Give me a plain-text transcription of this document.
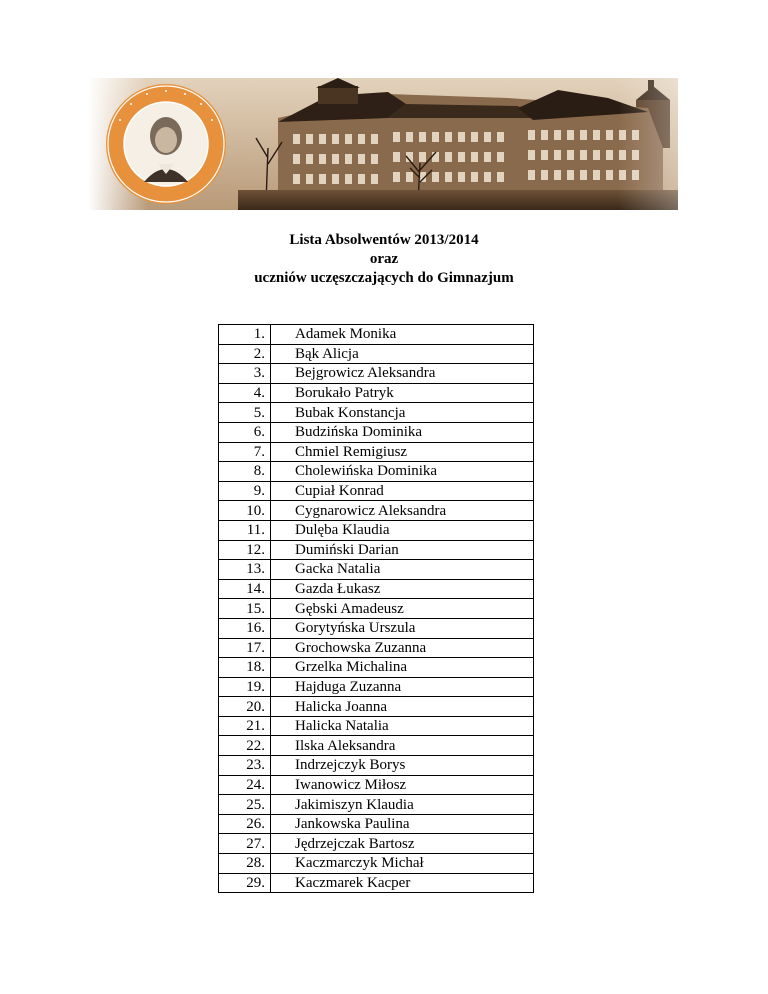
Lista Absolwentów 2013/2014
oraz
uczniów uczęszczających do Gimnazjum
1.	Adamek Monika
2.	Bąk Alicja
3.	Bejgrowicz Aleksandra
4.	Borukało Patryk
5.	Bubak Konstancja
6.	Budzińska Dominika
7.	Chmiel Remigiusz
8.	Cholewińska Dominika
9.	Cupiał Konrad
10.	Cygnarowicz Aleksandra
11.	Dulęba Klaudia
12.	Dumiński Darian
13.	Gacka Natalia
14.	Gazda Łukasz
15.	Gębski Amadeusz
16.	Gorytyńska Urszula
17.	Grochowska Zuzanna
18.	Grzelka Michalina
19.	Hajduga Zuzanna
20.	Halicka Joanna
21.	Halicka Natalia
22.	Ilska Aleksandra
23.	Indrzejczyk Borys
24.	Iwanowicz Miłosz
25.	Jakimiszyn Klaudia
26.	Jankowska Paulina
27.	Jędrzejczak Bartosz
28.	Kaczmarczyk Michał
29.	Kaczmarek Kacper
